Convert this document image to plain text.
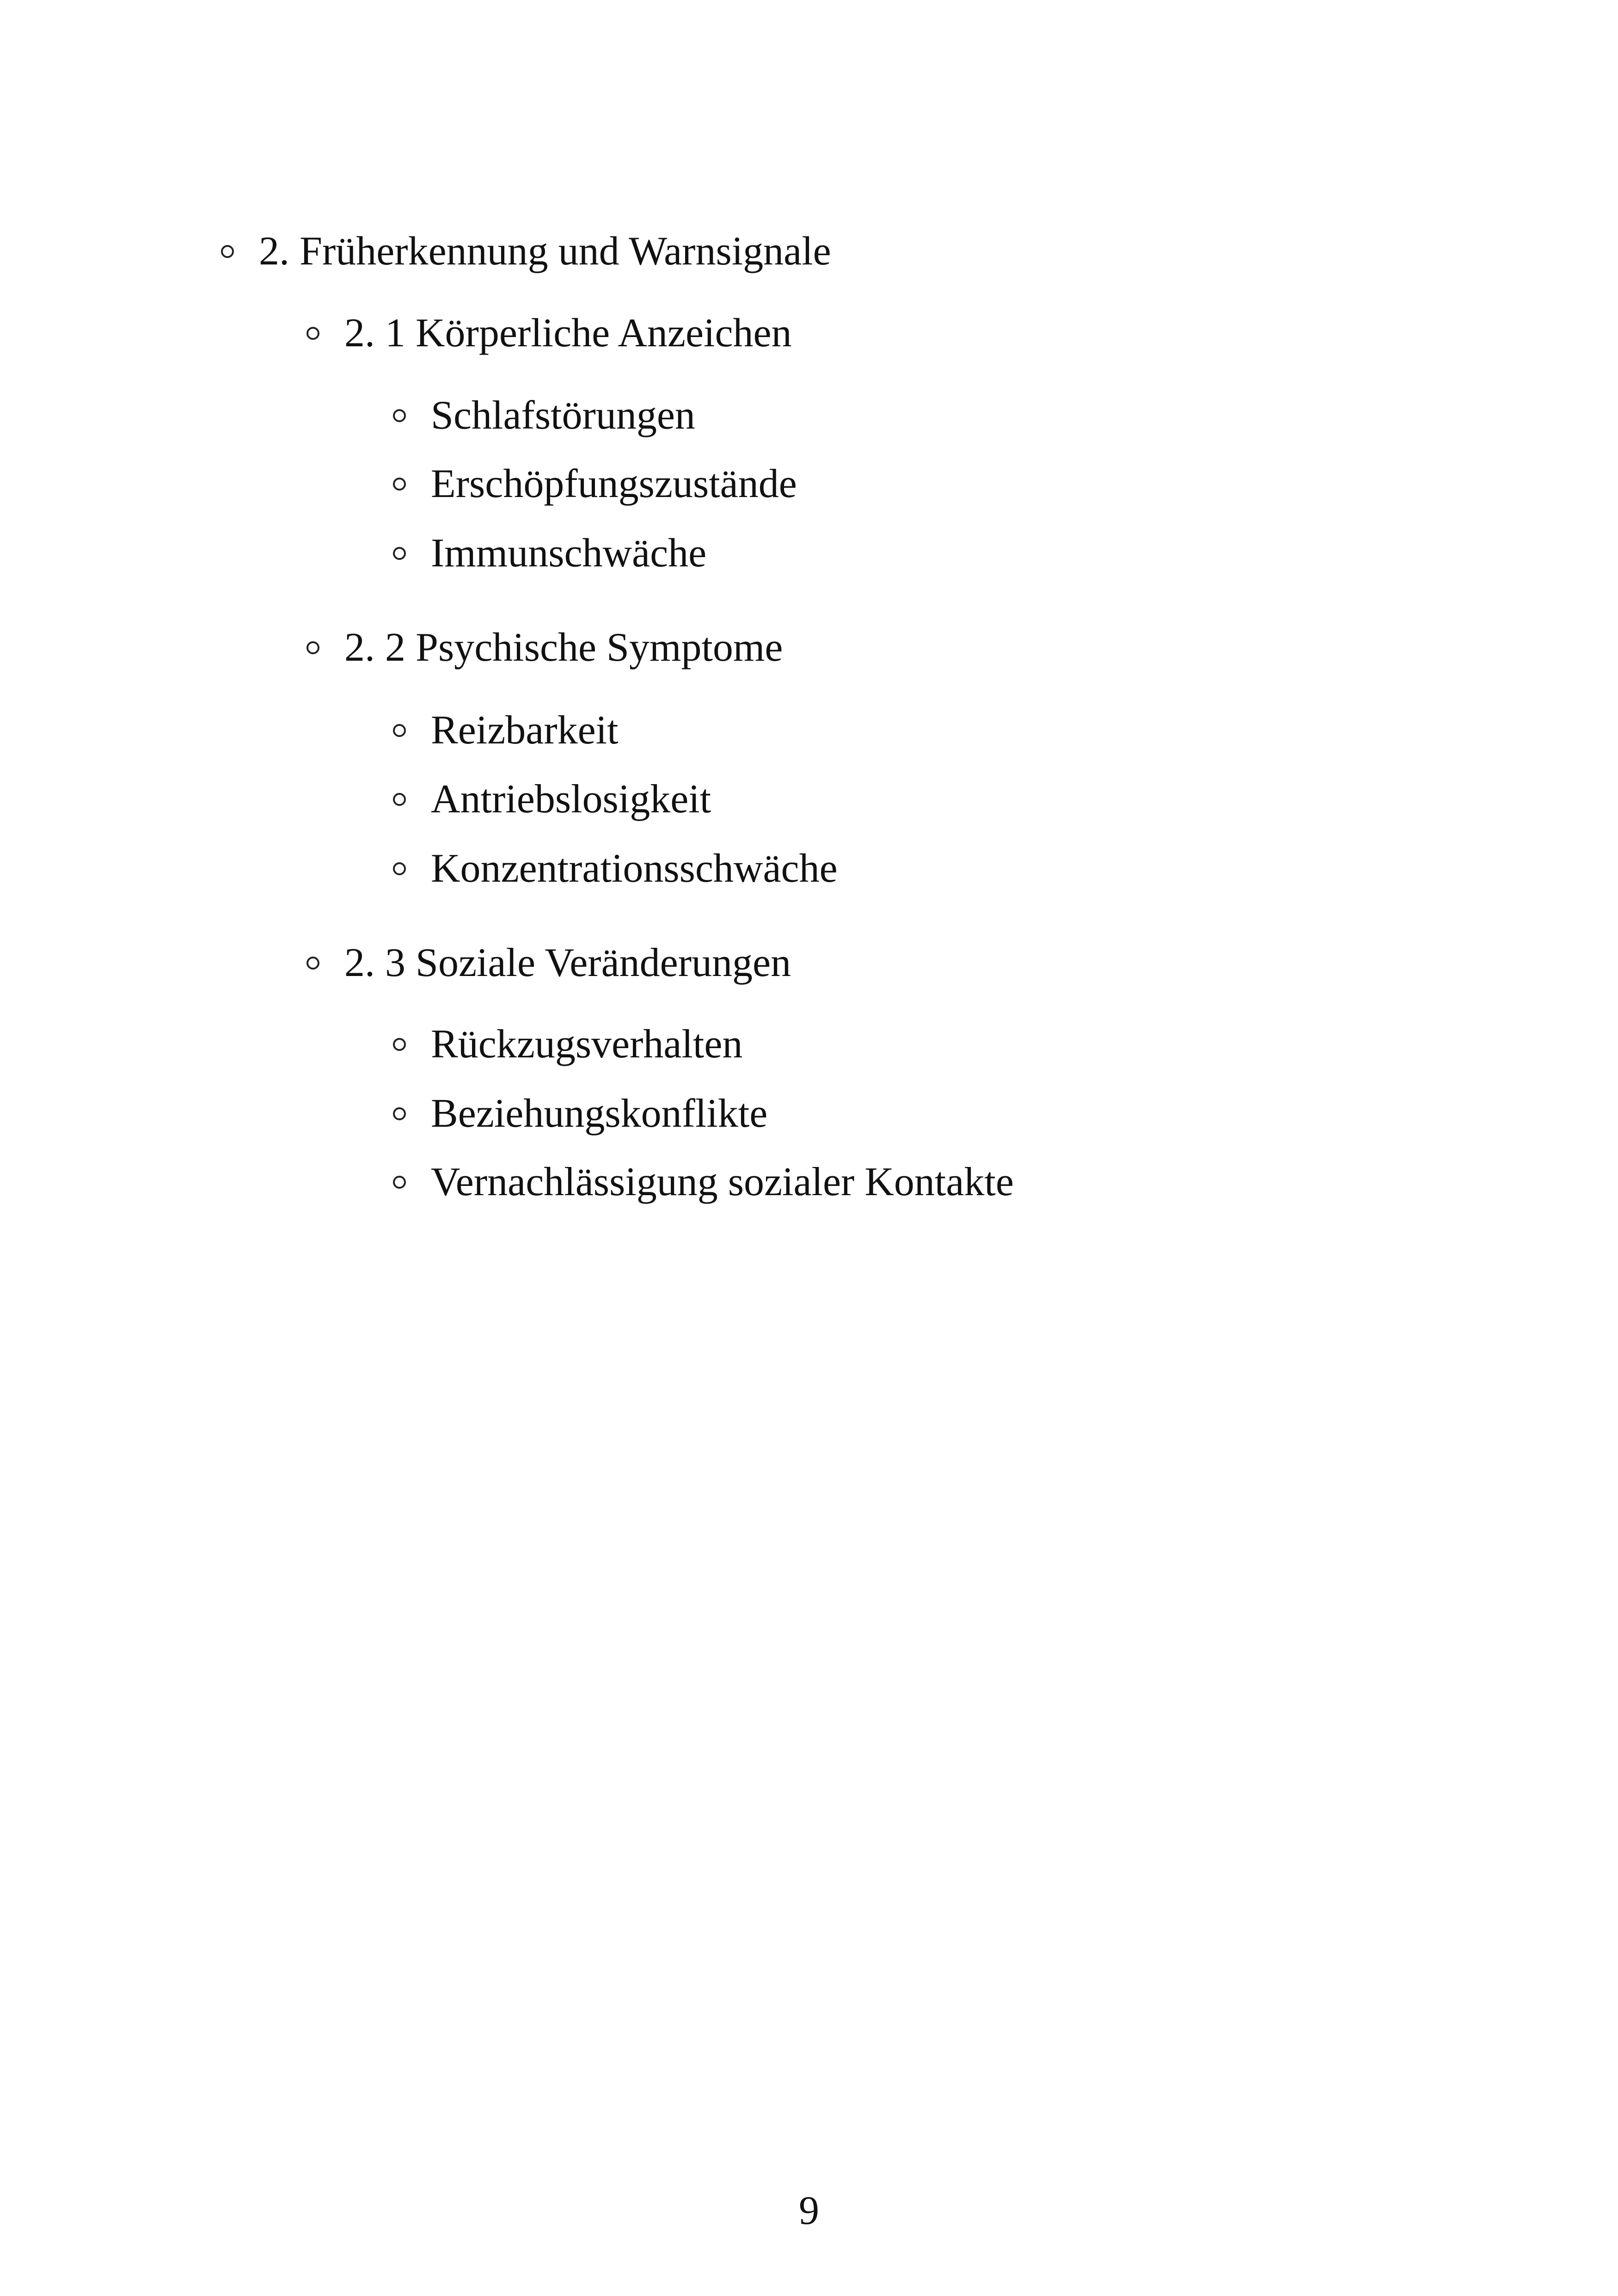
2. Früherkennung und Warnsignale
2. 1 Körperliche Anzeichen
Schlafstörungen
Erschöpfungszustände
Immunschwäche
2. 2 Psychische Symptome
Reizbarkeit
Antriebslosigkeit
Konzentrationsschwäche
2. 3 Soziale Veränderungen
Rückzugsverhalten
Beziehungskonflikte
Vernachlässigung sozialer Kontakte
9
